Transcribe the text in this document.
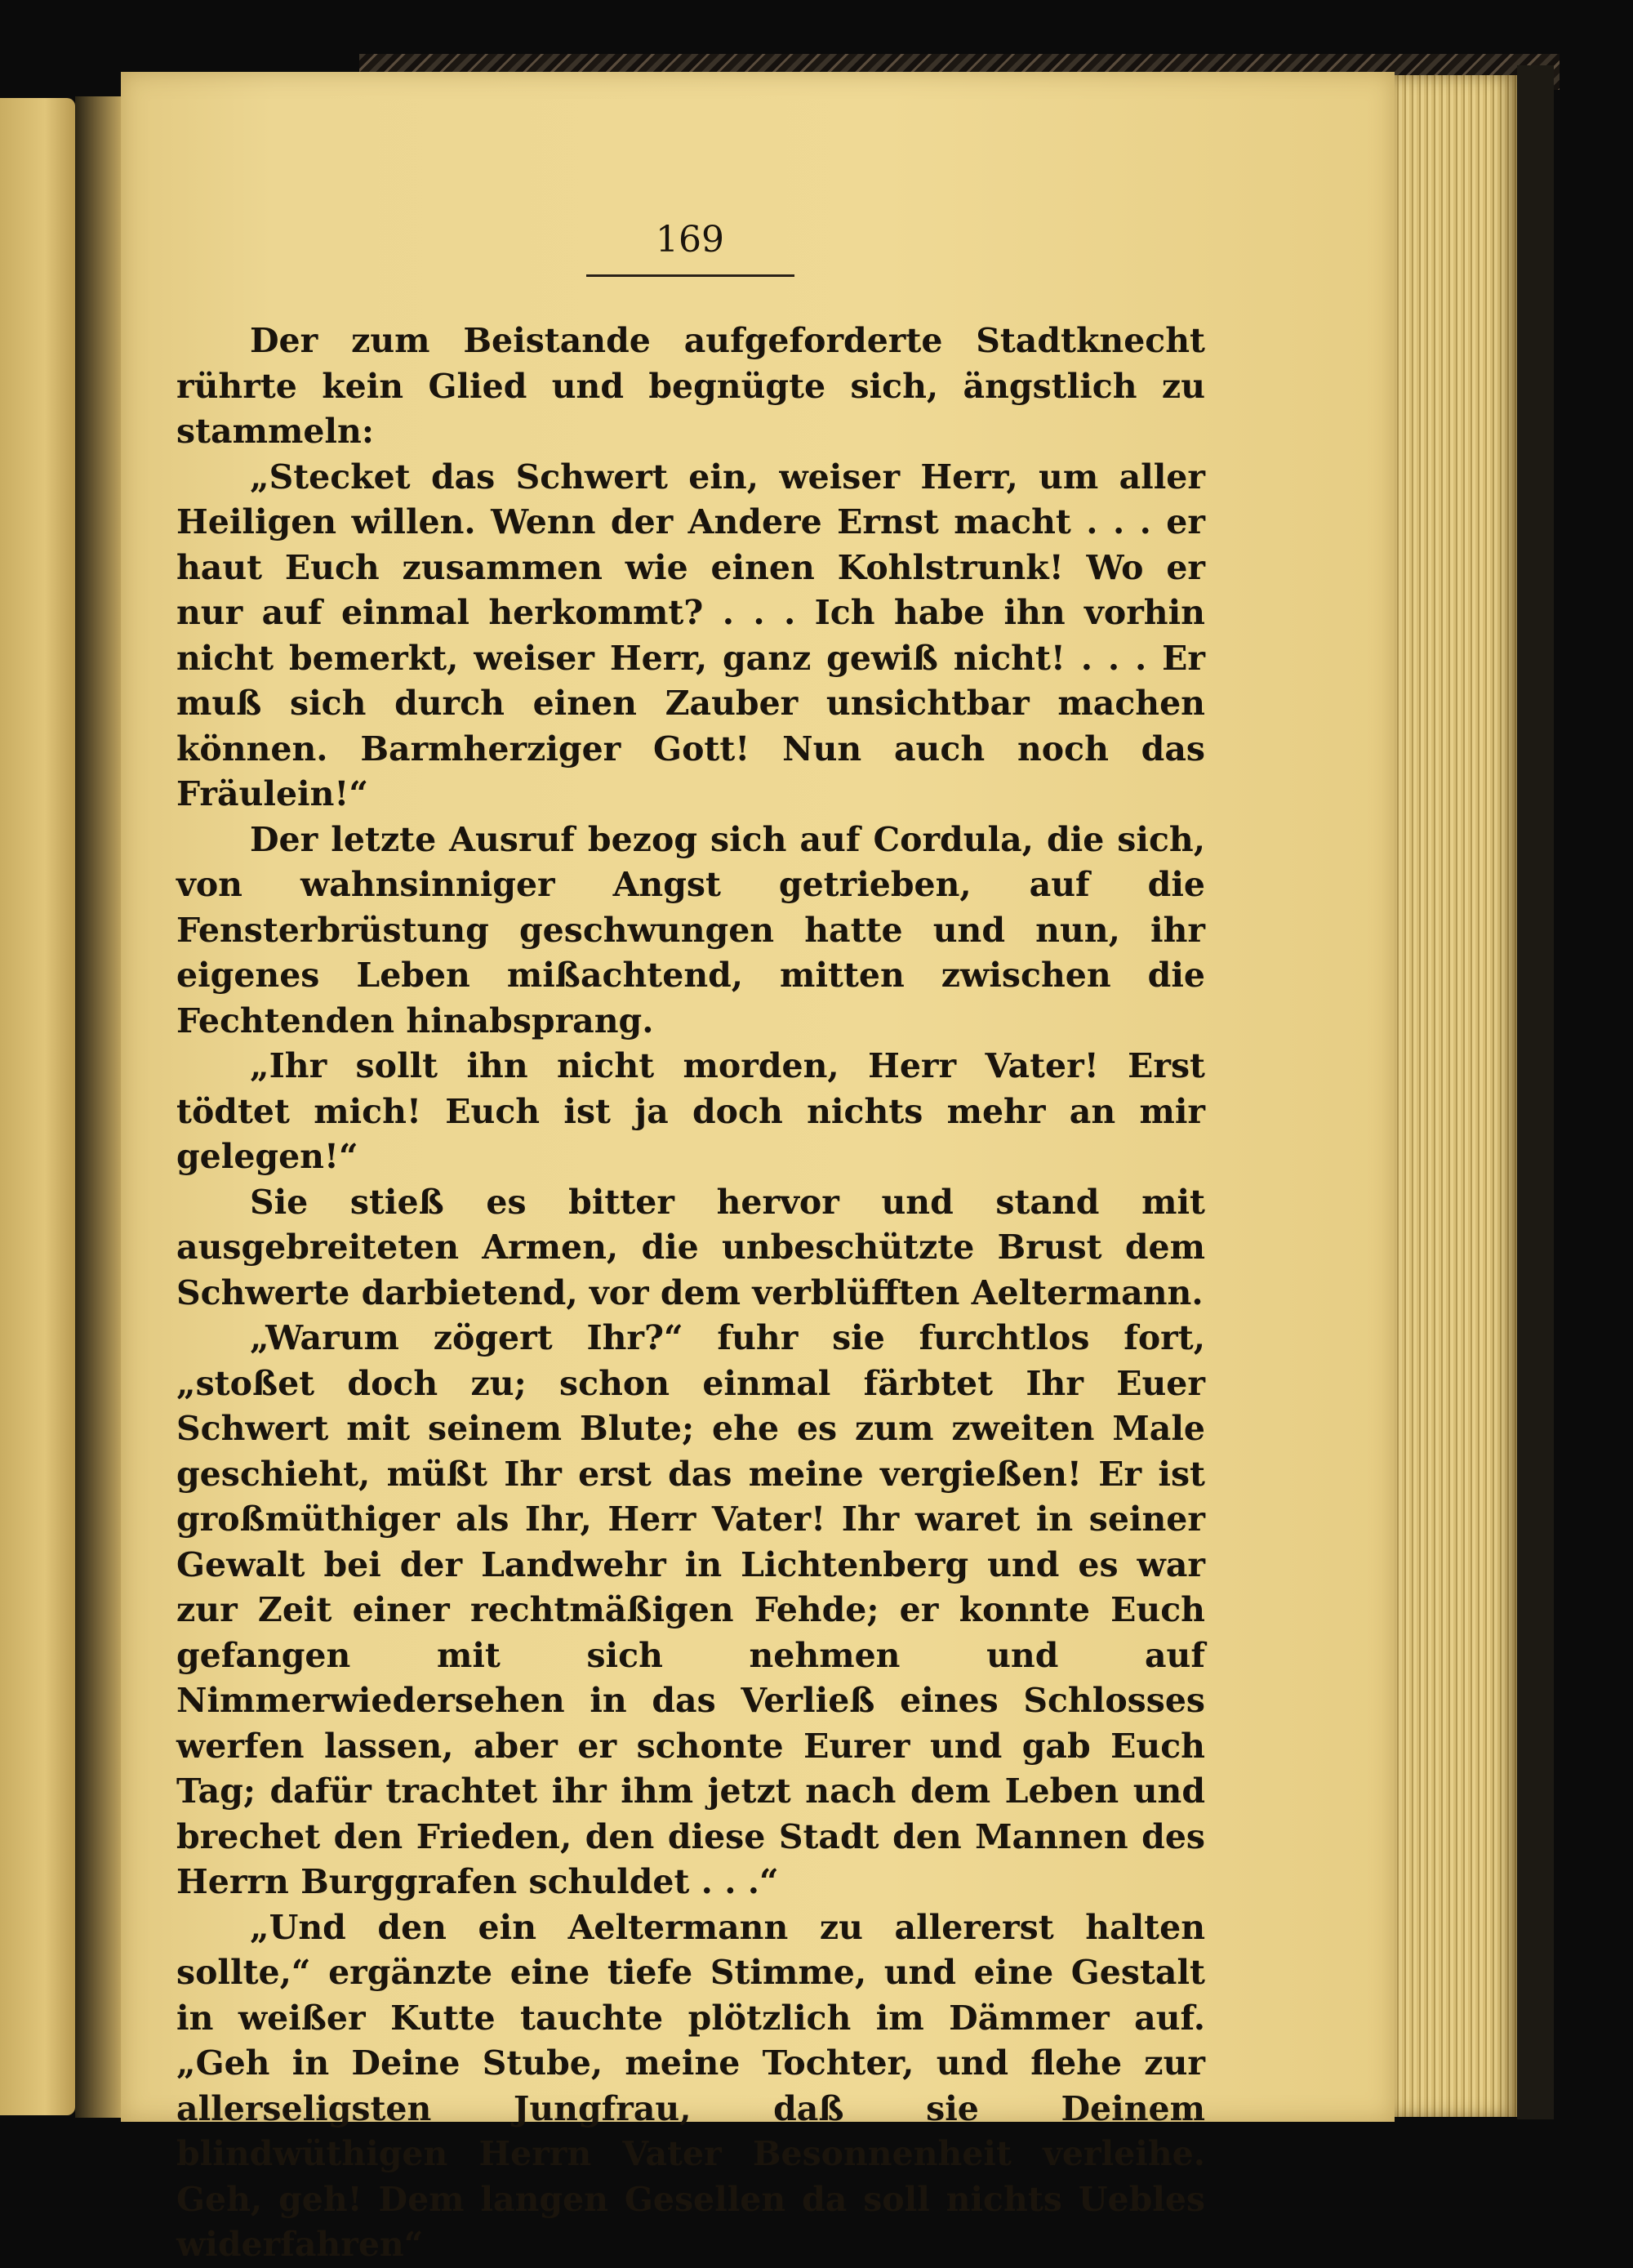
169

Der zum Beistande aufgeforderte Stadtknecht rührte kein Glied und begnügte sich, ängstlich zu stammeln:

„Stecket das Schwert ein, weiser Herr, um aller Heiligen willen. Wenn der Andere Ernst macht . . . er haut Euch zusammen wie einen Kohlstrunk! Wo er nur auf einmal herkommt? . . . Ich habe ihn vorhin nicht bemerkt, weiser Herr, ganz gewiß nicht! . . . Er muß sich durch einen Zauber unsichtbar machen können. Barmherziger Gott! Nun auch noch das Fräulein!“

Der letzte Ausruf bezog sich auf Cordula, die sich, von wahnsinniger Angst getrieben, auf die Fensterbrüstung geschwungen hatte und nun, ihr eigenes Leben mißachtend, mitten zwischen die Fechtenden hinabsprang.

„Ihr sollt ihn nicht morden, Herr Vater! Erst tödtet mich! Euch ist ja doch nichts mehr an mir gelegen!“

Sie stieß es bitter hervor und stand mit ausgebreiteten Armen, die unbeschützte Brust dem Schwerte darbietend, vor dem verblüfften Aeltermann.

„Warum zögert Ihr?“ fuhr sie furchtlos fort, „stoßet doch zu; schon einmal färbtet Ihr Euer Schwert mit seinem Blute; ehe es zum zweiten Male geschieht, müßt Ihr erst das meine vergießen! Er ist großmüthiger als Ihr, Herr Vater! Ihr waret in seiner Gewalt bei der Landwehr in Lichtenberg und es war zur Zeit einer rechtmäßigen Fehde; er konnte Euch gefangen mit sich nehmen und auf Nimmerwiedersehen in das Verließ eines Schlosses werfen lassen, aber er schonte Eurer und gab Euch Tag; dafür trachtet ihr ihm jetzt nach dem Leben und brechet den Frieden, den diese Stadt den Mannen des Herrn Burggrafen schuldet . . .“

„Und den ein Aeltermann zu allererst halten sollte,“ ergänzte eine tiefe Stimme, und eine Gestalt in weißer Kutte tauchte plötzlich im Dämmer auf. „Geh in Deine Stube, meine Tochter, und flehe zur allerseligsten Jungfrau, daß sie Deinem blindwüthigen Herrn Vater Besonnenheit verleihe. Geh, geh! Dem langen Gesellen da soll nichts Uebles widerfahren“
